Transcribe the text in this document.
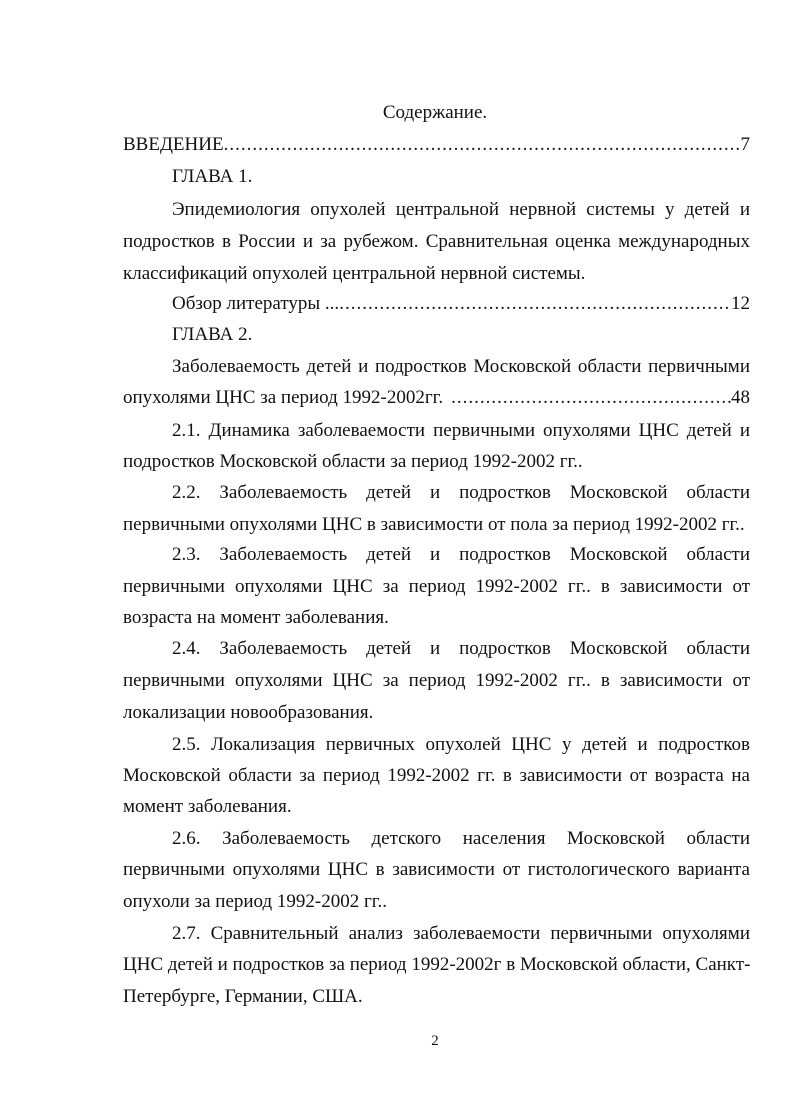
Содержание.
ВВЕДЕНИЕ .....	7
ГЛАВА 1.
Эпидемиология опухолей центральной нервной системы у детей и
подростков в России и за рубежом. Сравнительная оценка международных
классификаций опухолей центральной нервной системы.
Обзор литературы ... .....	12
ГЛАВА 2.
Заболеваемость детей и подростков Московской области первичными
опухолями ЦНС за период 1992-2002гг. .....	48
2.1. Динамика заболеваемости первичными опухолями ЦНС детей и
подростков Московской области за период 1992-2002 гг..
2.2. Заболеваемость детей и подростков Московской области
первичными опухолями ЦНС в зависимости от пола за период 1992-2002 гг..
2.3. Заболеваемость детей и подростков Московской области
первичными опухолями ЦНС за период 1992-2002 гг.. в зависимости от
возраста на момент заболевания.
2.4. Заболеваемость детей и подростков Московской области
первичными опухолями ЦНС за период 1992-2002 гг.. в зависимости от
локализации новообразования.
2.5. Локализация первичных опухолей ЦНС у детей и подростков
Московской области за период 1992-2002 гг. в зависимости от возраста на
момент заболевания.
2.6. Заболеваемость детского населения Московской области
первичными опухолями ЦНС в зависимости от гистологического варианта
опухоли за период 1992-2002 гг..
2.7. Сравнительный анализ заболеваемости первичными опухолями
ЦНС детей и подростков за период 1992-2002г в Московской области, Санкт-
Петербурге, Германии, США.
2
